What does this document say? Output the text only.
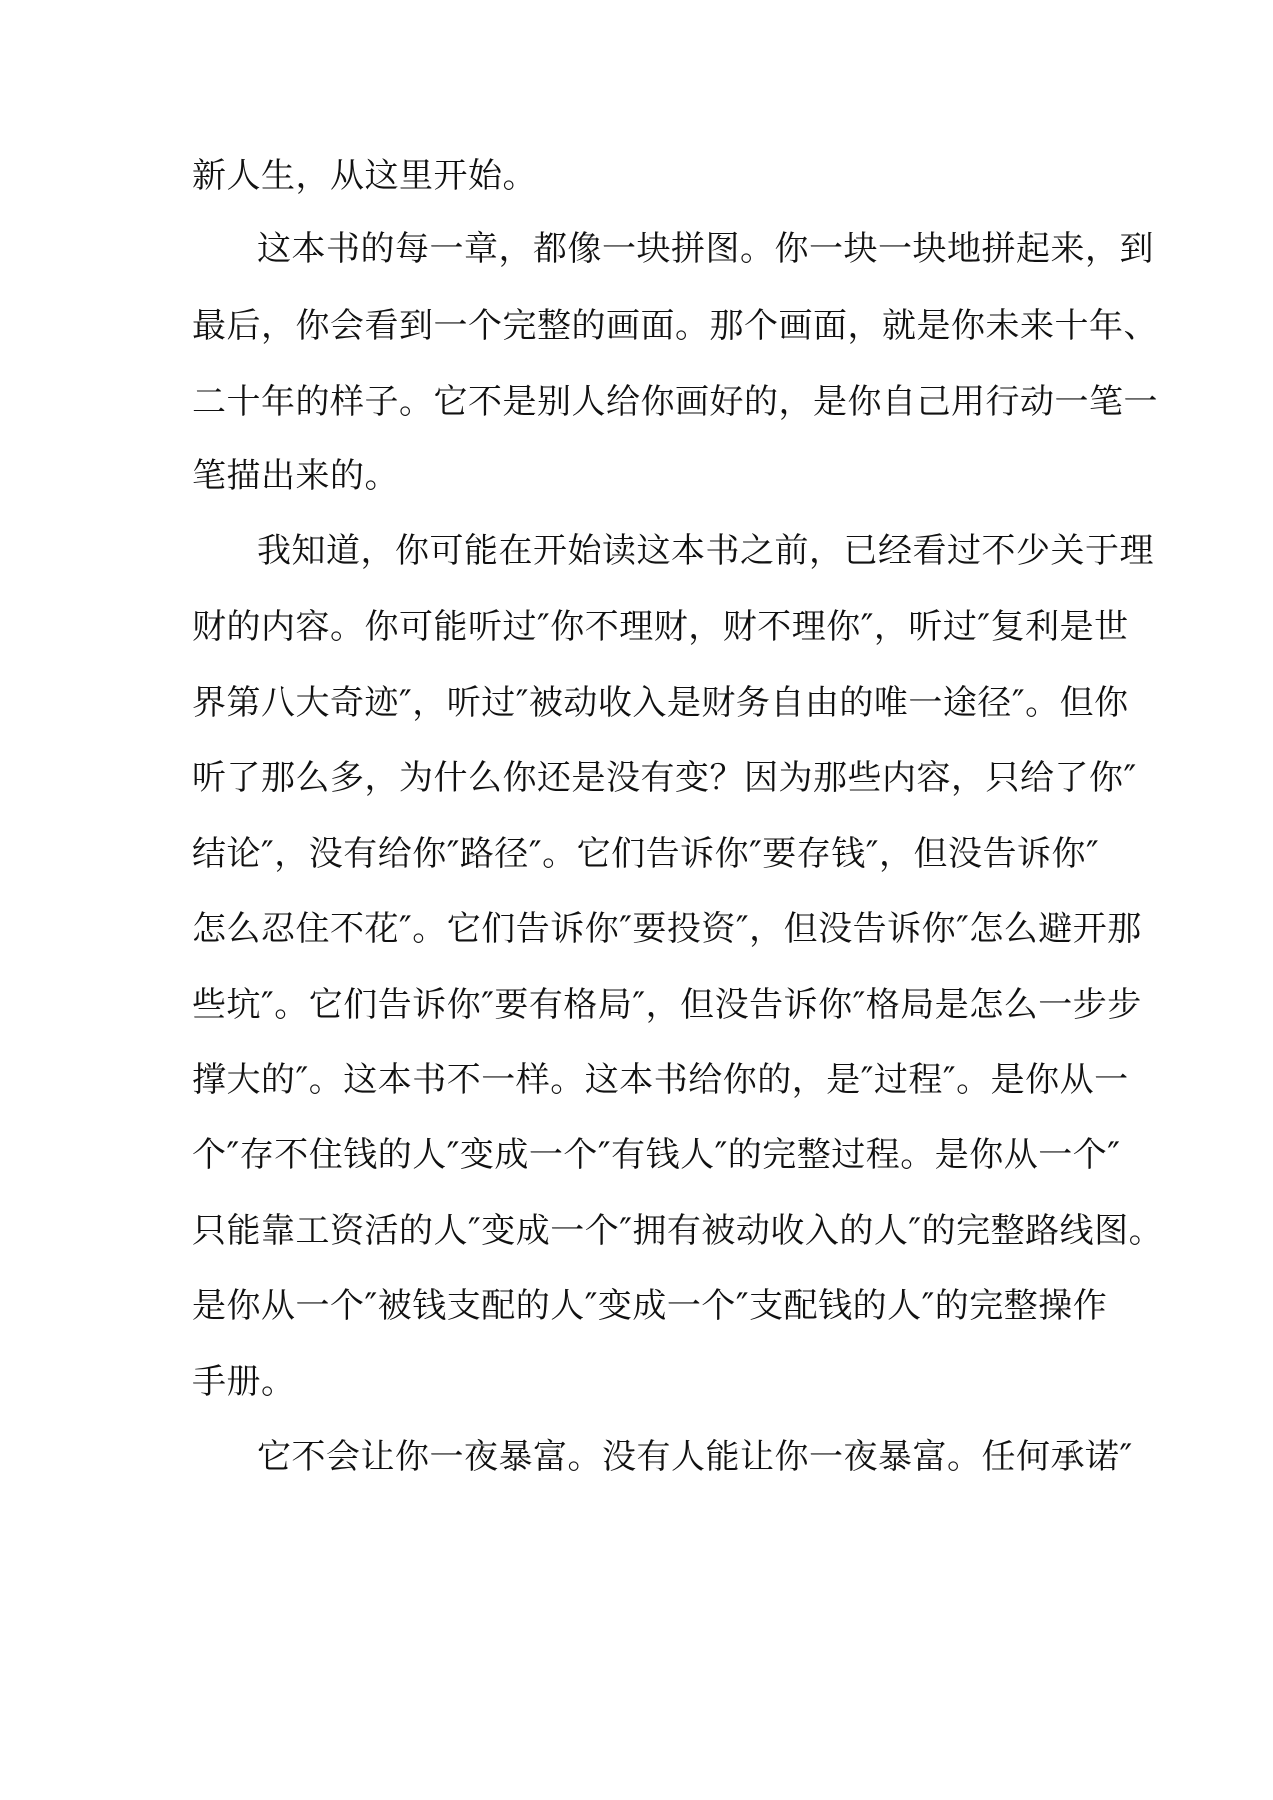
新人生，从这里开始。
这本书的每一章，都像一块拼图。你一块一块地拼起来，到
最后，你会看到一个完整的画面。那个画面，就是你未来十年、
二十年的样子。它不是别人给你画好的，是你自己用行动一笔一
笔描出来的。
我知道，你可能在开始读这本书之前，已经看过不少关于理
财的内容。你可能听过″你不理财，财不理你″，听过″复利是世
界第八大奇迹″，听过″被动收入是财务自由的唯一途径″。但你
听了那么多，为什么你还是没有变？因为那些内容，只给了你″
结论″，没有给你″路径″。它们告诉你″要存钱″，但没告诉你″
怎么忍住不花″。它们告诉你″要投资″，但没告诉你″怎么避开那
些坑″。它们告诉你″要有格局″，但没告诉你″格局是怎么一步步
撑大的″。这本书不一样。这本书给你的，是″过程″。是你从一
个″存不住钱的人″变成一个″有钱人″的完整过程。是你从一个″
只能靠工资活的人″变成一个″拥有被动收入的人″的完整路线图。
是你从一个″被钱支配的人″变成一个″支配钱的人″的完整操作
手册。
它不会让你一夜暴富。没有人能让你一夜暴富。任何承诺″
